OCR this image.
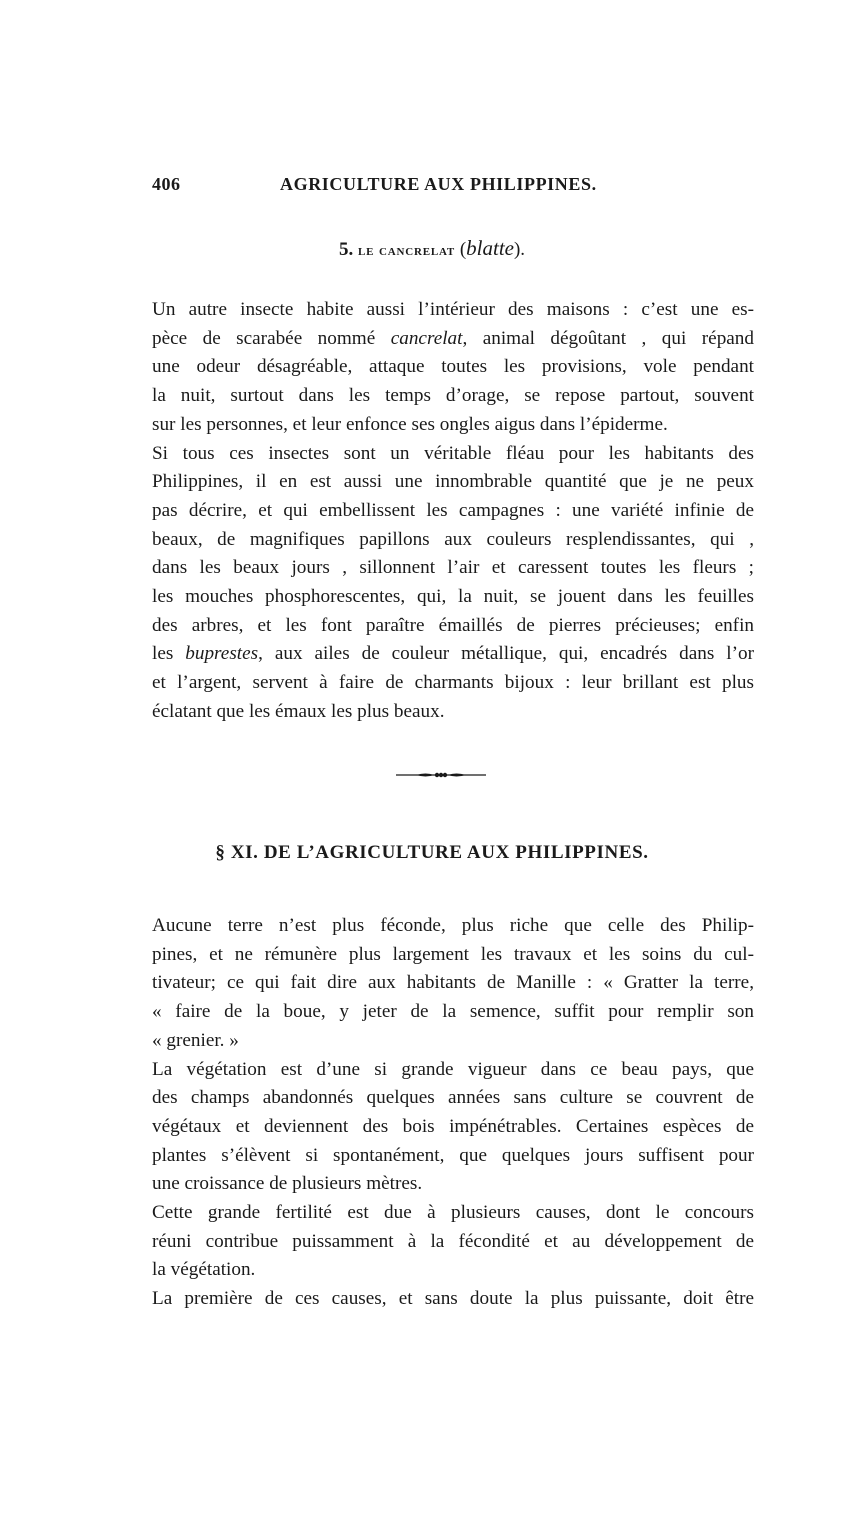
406	AGRICULTURE AUX PHILIPPINES.
5. le cancrelat (blatte).
Un autre insecte habite aussi l’intérieur des maisons : c’est une es-
pèce de scarabée nommé cancrelat, animal dégoûtant , qui répand
une odeur désagréable, attaque toutes les provisions, vole pendant
la nuit, surtout dans les temps d’orage, se repose partout, souvent
sur les personnes, et leur enfonce ses ongles aigus dans l’épiderme.
Si tous ces insectes sont un véritable fléau pour les habitants des
Philippines, il en est aussi une innombrable quantité que je ne peux
pas décrire, et qui embellissent les campagnes : une variété infinie de
beaux, de magnifiques papillons aux couleurs resplendissantes, qui ,
dans les beaux jours , sillonnent l’air et caressent toutes les fleurs ;
les mouches phosphorescentes, qui, la nuit, se jouent dans les feuilles
des arbres, et les font paraître émaillés de pierres précieuses; enfin
les buprestes, aux ailes de couleur métallique, qui, encadrés dans l’or
et l’argent, servent à faire de charmants bijoux : leur brillant est plus
éclatant que les émaux les plus beaux.
§ XI. DE L’AGRICULTURE AUX PHILIPPINES.
Aucune terre n’est plus féconde, plus riche que celle des Philip-
pines, et ne rémunère plus largement les travaux et les soins du cul-
tivateur; ce qui fait dire aux habitants de Manille : « Gratter la terre,
« faire de la boue, y jeter de la semence, suffit pour remplir son
« grenier. »
La végétation est d’une si grande vigueur dans ce beau pays, que
des champs abandonnés quelques années sans culture se couvrent de
végétaux et deviennent des bois impénétrables. Certaines espèces de
plantes s’élèvent si spontanément, que quelques jours suffisent pour
une croissance de plusieurs mètres.
Cette grande fertilité est due à plusieurs causes, dont le concours
réuni contribue puissamment à la fécondité et au développement de
la végétation.
La première de ces causes, et sans doute la plus puissante, doit être
